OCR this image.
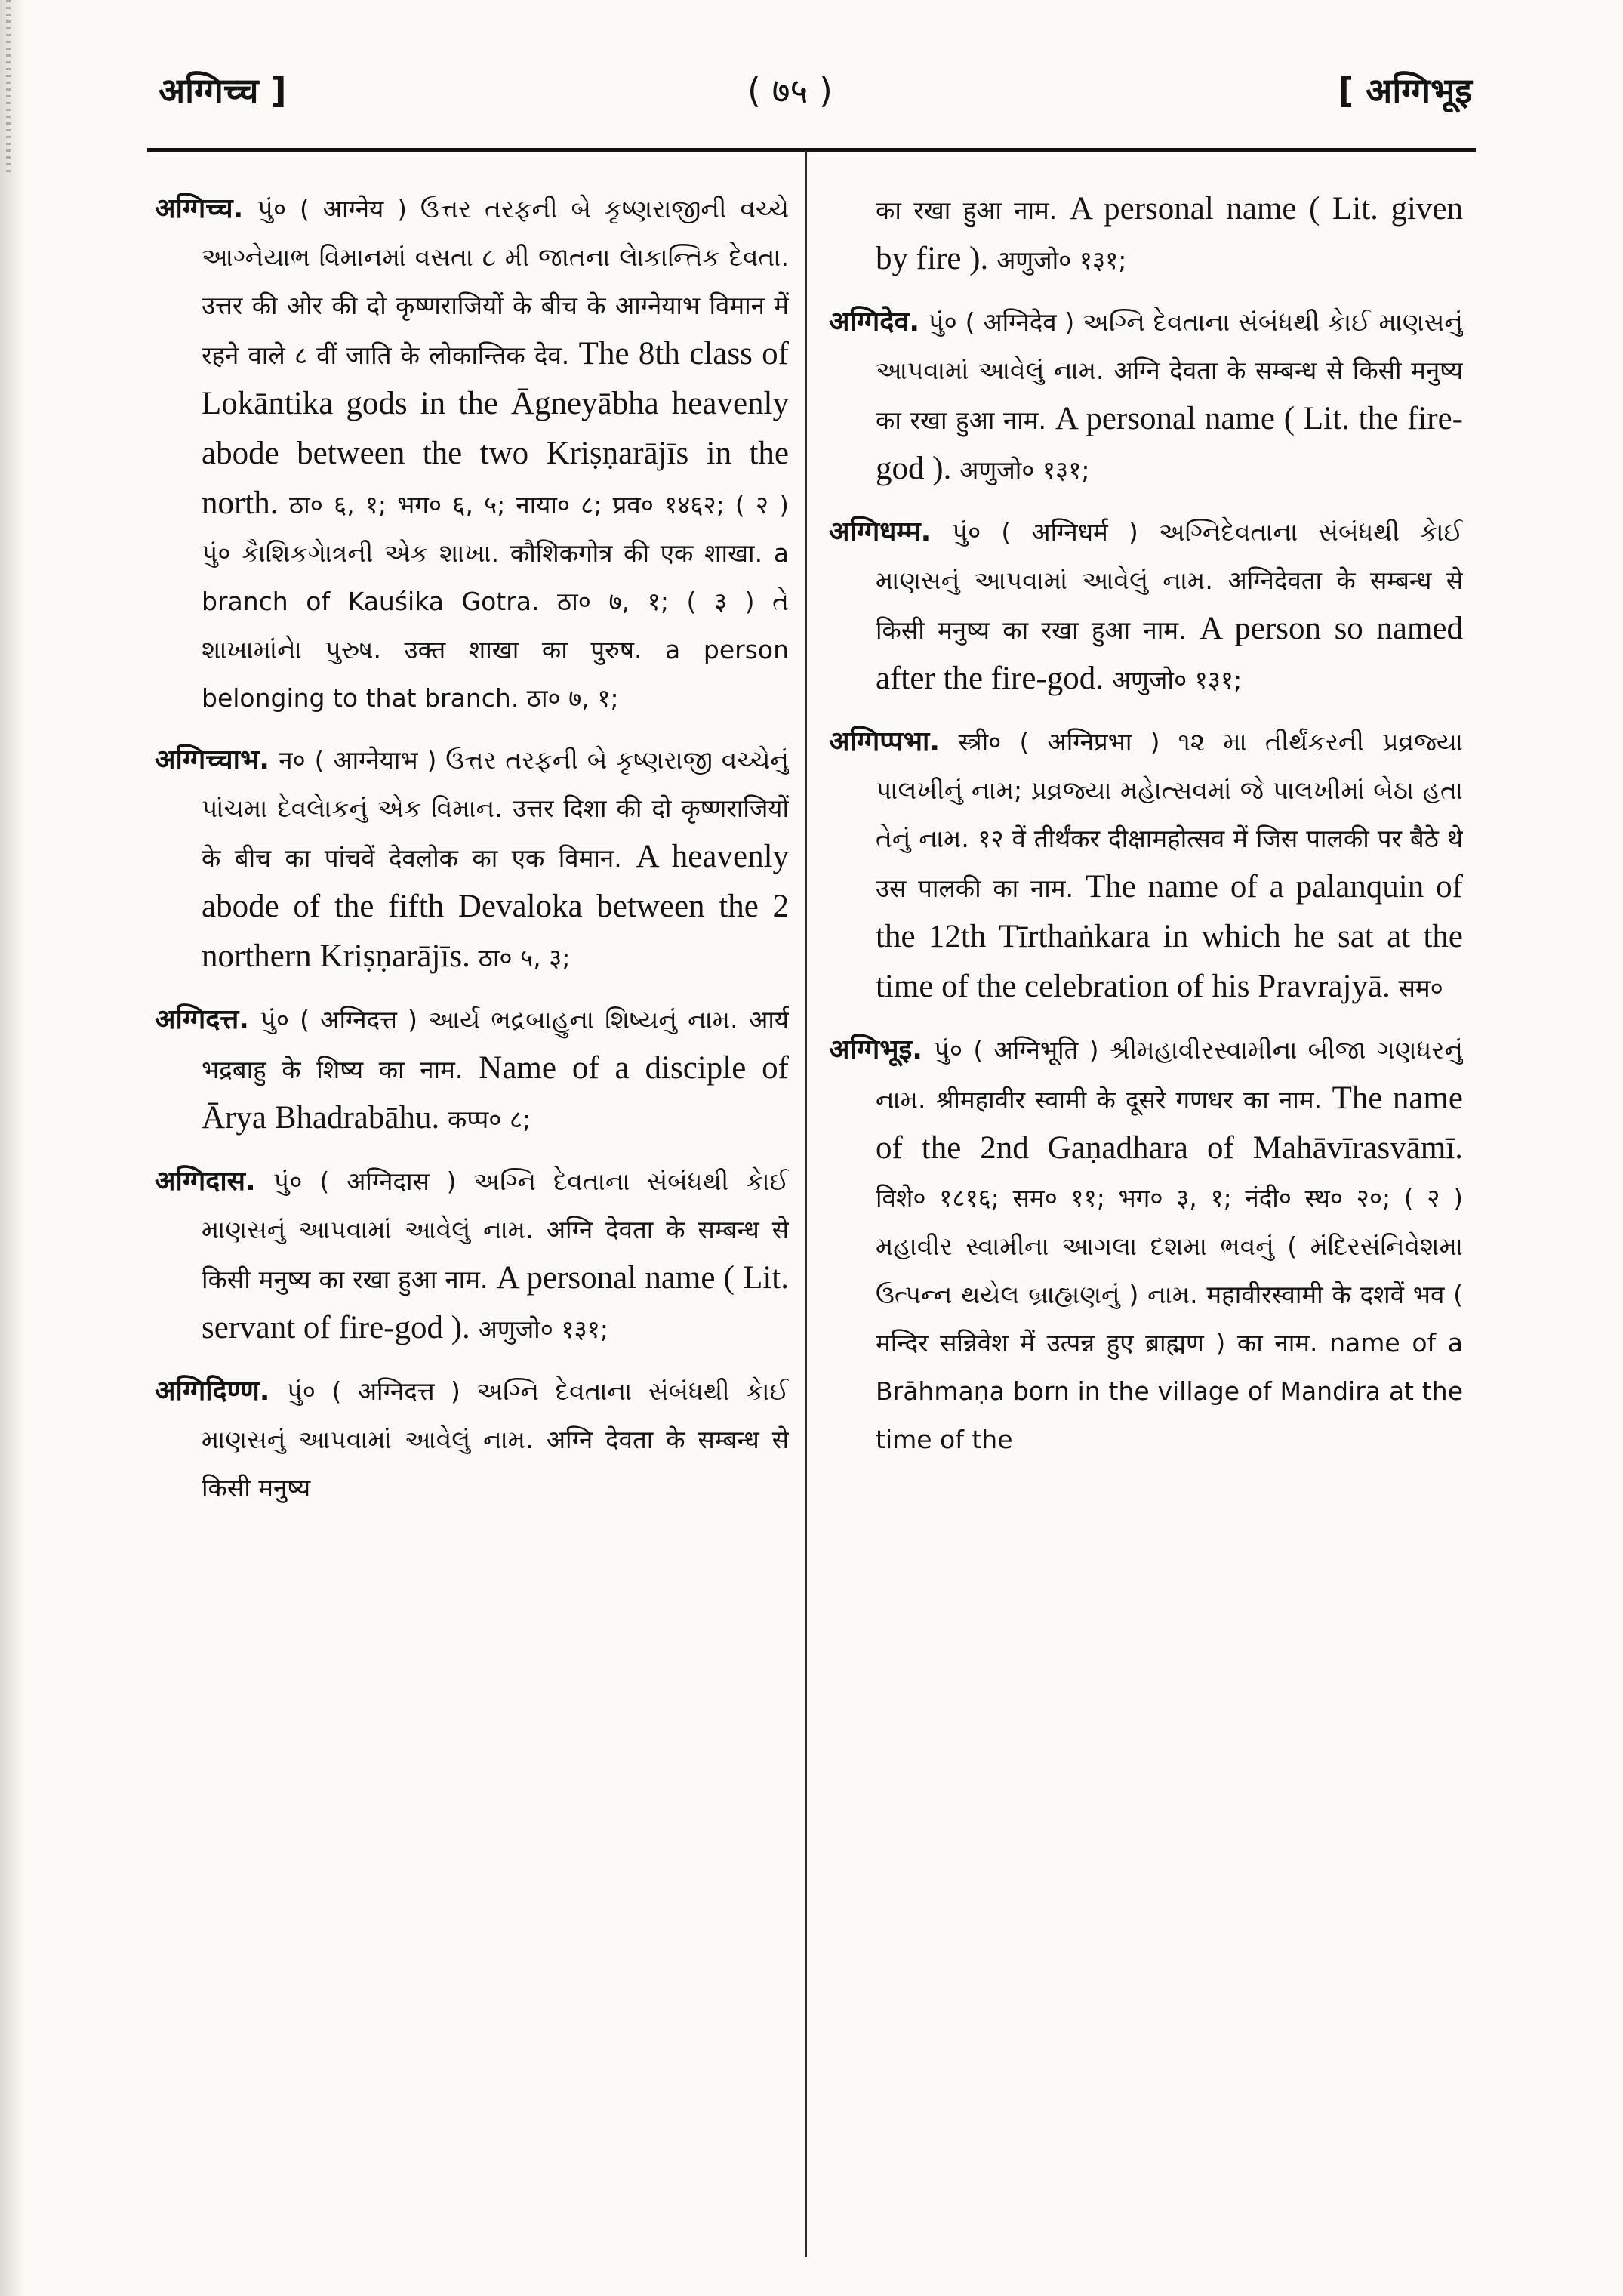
अग्गिच्च ]	( ७५ )	[ अग्गिभूइ

अग्गिच्च. પું० ( आग्नेय ) ઉત્તર તરફની બે કૃષ્ણરાજીની વચ્ચે આગ્નેયાભ વિમાનમાં વસતા ૮ મી જાતના લેાકાન્તિક દેવતા. उत्तर की ओर की दो कृष्णराजियों के बीच के आग्नेयाभ विमान में रहने वाले ८ वीं जाति के लोकान्तिक देव. The 8th class of Lokāntika gods in the Āgneyābha heavenly abode between the two Kriṣṇarājīs in the north. ठा० ६, १; भग० ६, ५; नाया० ८; प्रव० १४६२; ( २ ) પું० કૈાશિકગેાત્રની એક શાખા. कौशिकगोत्र की एक शाखा. a branch of Kauśika Gotra. ठा० ७, १; ( ३ ) તે શાખામાંનેા પુરુષ. उक्त शाखा का पुरुष. a person belonging to that branch. ठा० ७, १;

अग्गिच्चाभ. न० ( आग्नेयाभ ) ઉત્તર તરફની બે કૃષ્ણરાજી વચ્ચેનું પાંચમા દેવલેાકનું એક વિમાન. उत्तर दिशा की दो कृष्णराजियों के बीच का पांचवें देवलोक का एक विमान. A heavenly abode of the fifth Devaloka between the 2 northern Kriṣṇarājīs. ठा० ५, ३;

अग्गिदत्त. પું० ( अग्निदत्त ) આર્ય ભદ્રબાહુના શિષ્યનું નામ. आर्य भद्रबाहु के शिष्य का नाम. Name of a disciple of Ārya Bhadrabāhu. कप्प० ८;

अग्गिदास. પું० ( अग्निदास ) અગ્નિ દેવતાના સંબંધથી કેાઈ માણસનું આપવામાં આવેલું નામ. अग्नि देवता के सम्बन्ध से किसी मनुष्य का रखा हुआ नाम. A personal name ( Lit. servant of fire-god ). अणुजो० १३१;

अग्गिदिण्ण. પું० ( अग्निदत्त ) અગ્નિ દેવતાના સંબંધથી કેાઈ માણસનું આપવામાં આવેલું નામ. अग्नि देवता के सम्बन्ध से किसी मनुष्य

का रखा हुआ नाम. A personal name ( Lit. given by fire ). अणुजो० १३१;

अग्गिदेव. પું० ( अग्निदेव ) અગ્નિ દેવતાના સંબંધથી કેાઈ માણસનું આપવામાં આવેલું નામ. अग्नि देवता के सम्बन्ध से किसी मनुष्य का रखा हुआ नाम. A personal name ( Lit. the fire-god ). अणुजो० १३१;

अग्गिधम्म. પું० ( अग्निधर्म ) અગ્નિદેવતાના સંબંધથી કેાઈ માણસનું આપવામાં આવેલું નામ. अग्निदेवता के सम्बन्ध से किसी मनुष्य का रखा हुआ नाम. A person so named after the fire-god. अणुजो० १३१;

अग्गिप्पभा. स्त्री० ( अग्निप्रभा ) ૧૨ મા તીર્થંકરની પ્રવ્રજ્યા પાલખીનું નામ; પ્રવ્રજ્યા મહેાત્સવમાં જે પાલખીમાં બેઠા હતા તેનું નામ. १२ वें तीर्थंकर दीक्षामहोत्सव में जिस पालकी पर बैठे थे उस पालकी का नाम. The name of a palanquin of the 12th Tīrthaṅkara in which he sat at the time of the celebration of his Pravrajyā. सम०

अग्गिभूइ. પું० ( अग्निभूति ) શ્રીમહાવીરસ્વામીના બીજા ગણધરનું નામ. श्रीमहावीर स्वामी के दूसरे गणधर का नाम. The name of the 2nd Gaṇadhara of Mahāvīrasvāmī. विशे० १८१६; सम० ११; भग० ३, १; नंदी० स्थ० २०; ( २ ) મહાવીર સ્વામીના આગલા દશમા ભવનું ( મંદિરસંનિવેશમા ઉત્પન્ન થયેલ બ્રાહ્મણનું ) નામ. महावीरस्वामी के दशवें भव ( मन्दिर सन्निवेश में उत्पन्न हुए ब्राह्मण ) का नाम. name of a Brāhmaṇa born in the village of Mandira at the time of the
